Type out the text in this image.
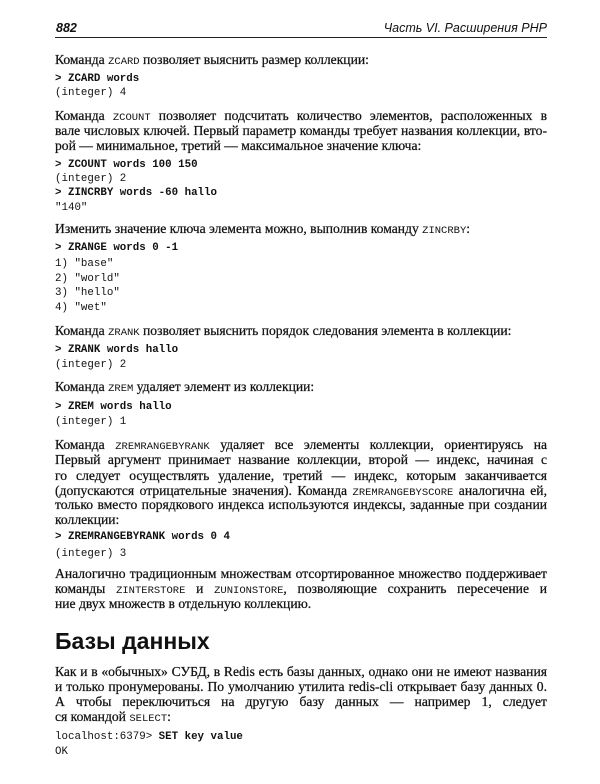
882	Часть VI. Расширения PHP
Команда ZCARD позволяет выяснить размер коллекции:
> ZCARD words
(integer) 4
Команда ZCOUNT позволяет подсчитать количество элементов, расположенных в
вале числовых ключей. Первый параметр команды требует названия коллекции, вто-
рой — минимальное, третий — максимальное значение ключа:
> ZCOUNT words 100 150
(integer) 2
> ZINCRBY words -60 hallo
"140"
Изменить значение ключа элемента можно, выполнив команду ZINCRBY:
> ZRANGE words 0 -1
1) "base"
2) "world"
3) "hello"
4) "wet"
Команда ZRANK позволяет выяснить порядок следования элемента в коллекции:
> ZRANK words hallo
(integer) 2
Команда ZREM удаляет элемент из коллекции:
> ZREM words hallo
(integer) 1
Команда ZREMRANGEBYRANK удаляет все элементы коллекции, ориентируясь на
Первый аргумент принимает название коллекции, второй — индекс, начиная с
го следует осуществлять удаление, третий — индекс, которым заканчивается
(допускаются отрицательные значения). Команда ZREMRANGEBYSCORE аналогична ей,
только вместо порядкового индекса используются индексы, заданные при создании
коллекции:
> ZREMRANGEBYRANK words 0 4
(integer) 3
Аналогично традиционным множествам отсортированное множество поддерживает
команды ZINTERSTORE и ZUNIONSTORE, позволяющие сохранить пересечение и
ние двух множеств в отдельную коллекцию.
Как и в «обычных» СУБД, в Redis есть базы данных, однако они не имеют названия
и только пронумерованы. По умолчанию утилита redis-cli открывает базу данных 0.
А чтобы переключиться на другую базу данных — например 1, следует
ся командой SELECT:
localhost:6379> SET key value
OK
Базы данных
